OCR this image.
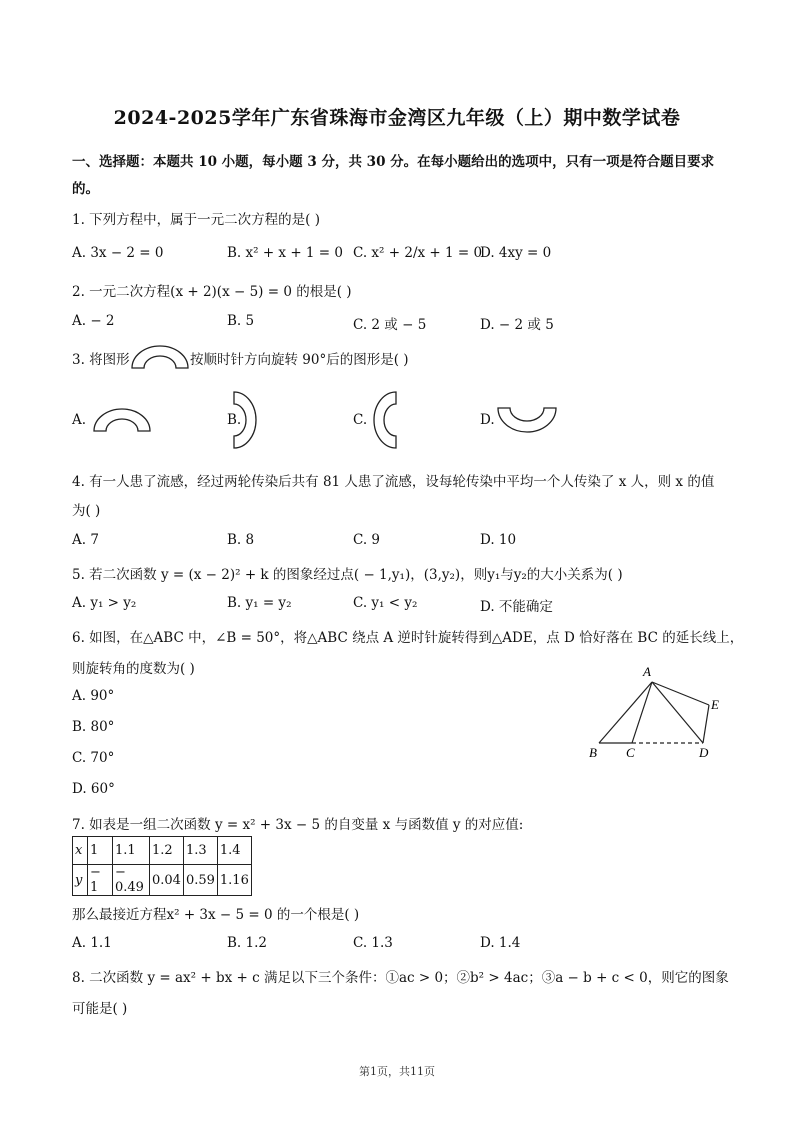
2024-2025学年广东省珠海市金湾区九年级（上）期中数学试卷
一、选择题：本题共 10 小题，每小题 3 分，共 30 分。在每小题给出的选项中，只有一项是符合题目要求
的。
1. 下列方程中，属于一元二次方程的是( )
A. 3x − 2 = 0	B. x² + x + 1 = 0 C. x² + 2/x + 1 = 0
D. 4xy = 0
2. 一元二次方程(x + 2)(x − 5) = 0 的根是( )
A. − 2	B. 5	C. 2 或 − 5	D. − 2 或 5
3. 将图形	按顺时针方向旋转 90°后的图形是( )
A.	B.	C.	D.
4. 有一人患了流感，经过两轮传染后共有 81 人患了流感，设每轮传染中平均一个人传染了 x 人，则 x 的值
为( )
A. 7	B. 8	C. 9	D. 10
5. 若二次函数 y = (x − 2)² + k 的图象经过点( − 1,y₁)，(3,y₂)，则y₁与y₂的大小关系为( )
A. y₁ > y₂	B. y₁ = y₂	C. y₁ < y₂	D. 不能确定
6. 如图，在△ABC 中，∠B = 50°，将△ABC 绕点 A 逆时针旋转得到△ADE，点 D 恰好落在 BC 的延长线上，
则旋转角的度数为( )
A. 90°
B. 80°
C. 70°
D. 60°
A
E
B C	D
7. 如表是一组二次函数 y = x² + 3x − 5 的自变量 x 与函数值 y 的对应值:
x	1	1.1	1.2	1.3	1.4
y	− 1	− 0.49	0.04	0.59	1.16
那么最接近方程x² + 3x − 5 = 0 的一个根是( )
A. 1.1	B. 1.2	C. 1.3	D. 1.4
8. 二次函数 y = ax² + bx + c 满足以下三个条件：①ac > 0；②b² > 4ac；③a − b + c < 0，则它的图象
可能是( )
第1页，共11页
